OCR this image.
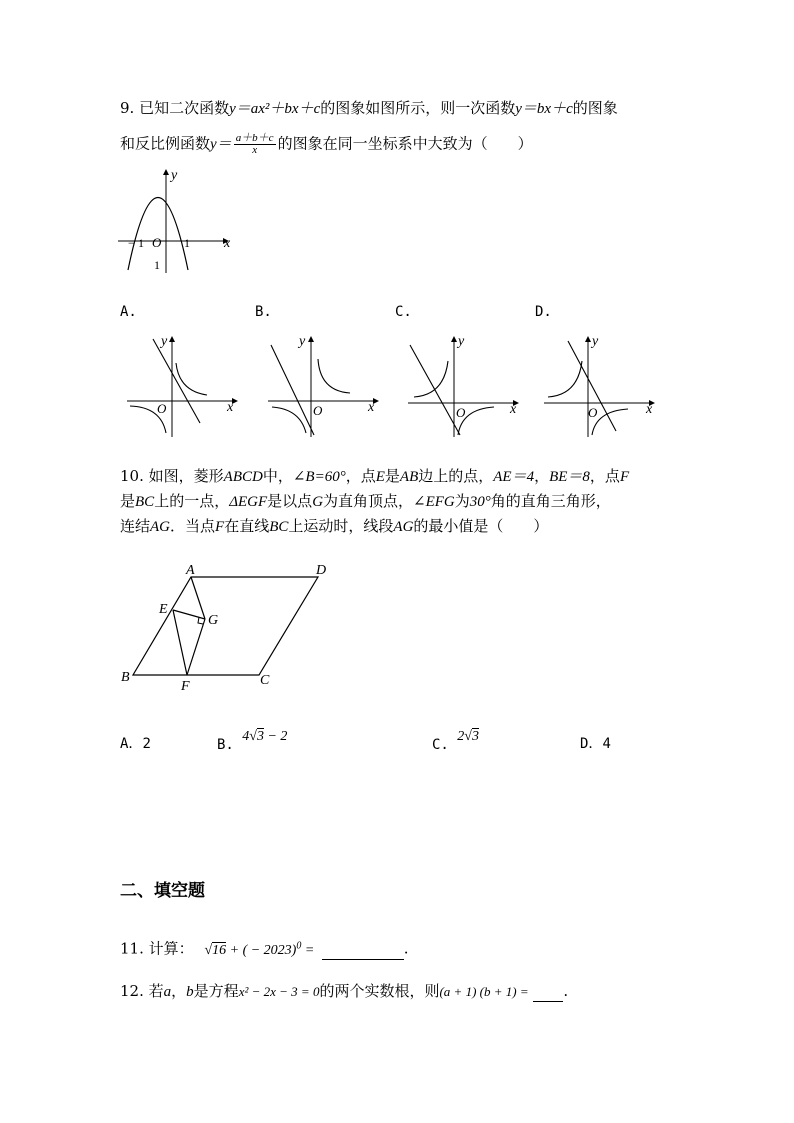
9. 已知二次函数y＝ax²＋bx＋c的图象如图所示，则一次函数y＝bx＋c的图象
和反比例函数$y= \frac{a+b+c}{x}$ 的图象在同一坐标系中大致为（　　）
y
x
O
− 1	1
1
A.	B.	C.	D.
y
x
O
y
x
O
y
x
O
y
x
O
10. 如图，菱形ABCD中，∠B=60°，点E是AB边上的点，AE＝4，BE＝8，点F
是BC上的一点，ΔEGF是以点G为直角顶点，∠EFG为30°角的直角三角形，
连结AG．当点F在直线BC上运动时，线段AG的最小值是（　　）
A	D
E
G
B
F	C
A．2	B. 4√3 − 2
C. 2√3	D．4
二、填空题
11. 计算： √16 + ( − 2023)$^0$ =	.
12. 若a，b是方程x² − 2x − 3 = 0的两个实数根，则(a + 1) (b + 1) = .
